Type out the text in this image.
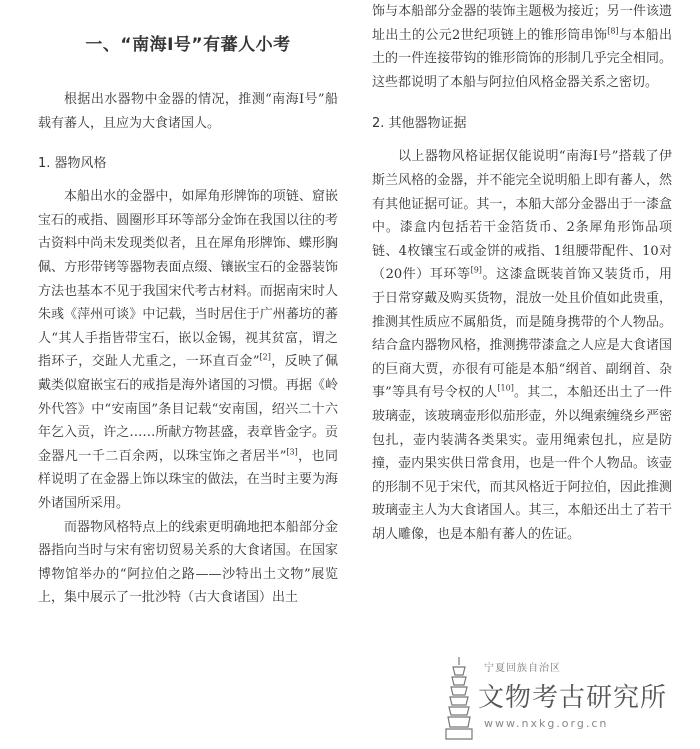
一、“南海Ⅰ号”有蕃人小考

根据出水器物中金器的情况，推测“南海Ⅰ号”船载有蕃人，且应为大食诸国人。

1. 器物风格

本船出水的金器中，如犀角形牌饰的项链、窟嵌宝石的戒指、圆圈形耳环等部分金饰在我国以往的考古资料中尚未发现类似者，且在犀角形牌饰、蝶形胸佩、方形带铐等器物表面点缀、镶嵌宝石的金器装饰方法也基本不见于我国宋代考古材料。而据南宋时人朱彧《萍州可谈》中记载，当时居住于广州蕃坊的蕃人“其人手指皆带宝石，嵌以金锡，视其贫富，谓之指环子，交趾人尤重之，一环直百金”[2]，反映了佩戴类似窟嵌宝石的戒指是海外诸国的习惯。再据《岭外代答》中“安南国”条目记载“安南国，绍兴二十六年乞入贡，许之……所献方物甚盛，表章皆金字。贡金器凡一千二百余两，以珠宝饰之者居半”[3]，也同样说明了在金器上饰以珠宝的做法，在当时主要为海外诸国所采用。

而器物风格特点上的线索更明确地把本船部分金器指向当时与宋有密切贸易关系的大食诸国。在国家博物馆举办的“阿拉伯之路——沙特出土文物”展览上，集中展示了一批沙特（古大食诸国）出土

饰与本船部分金器的装饰主题极为接近；另一件该遗址出土的公元2世纪项链上的锥形筒串饰[8]与本船出土的一件连接带钩的锥形筒饰的形制几乎完全相同。这些都说明了本船与阿拉伯风格金器关系之密切。

2. 其他器物证据

以上器物风格证据仅能说明“南海Ⅰ号”搭载了伊斯兰风格的金器，并不能完全说明船上即有蕃人，然有其他证据可证。其一，本船大部分金器出于一漆盒中。漆盒内包括若干金箔货币、2条犀角形饰品项链、4枚镶宝石或金饼的戒指、1组腰带配件、10对（20件）耳环等[9]。这漆盒既装首饰又装货币，用于日常穿戴及购买货物，混放一处且价值如此贵重，推测其性质应不属船货，而是随身携带的个人物品。结合盒内器物风格，推测携带漆盒之人应是大食诸国的巨商大贾，亦很有可能是本船“纲首、副纲首、杂事”等具有号令权的人[10]。其二，本船还出土了一件玻璃壶，该玻璃壶形似茄形壶，外以绳索缠绕乡严密包扎，壶内装满各类果实。壶用绳索包扎，应是防撞，壶内果实供日常食用，也是一件个人物品。该壶的形制不见于宋代，而其风格近于阿拉伯，因此推测玻璃壶主人为大食诸国人。其三，本船还出土了若干胡人雕像，也是本船有蕃人的佐证。

宁夏回族自治区
文物考古研究所
www.nxkg.org.cn
